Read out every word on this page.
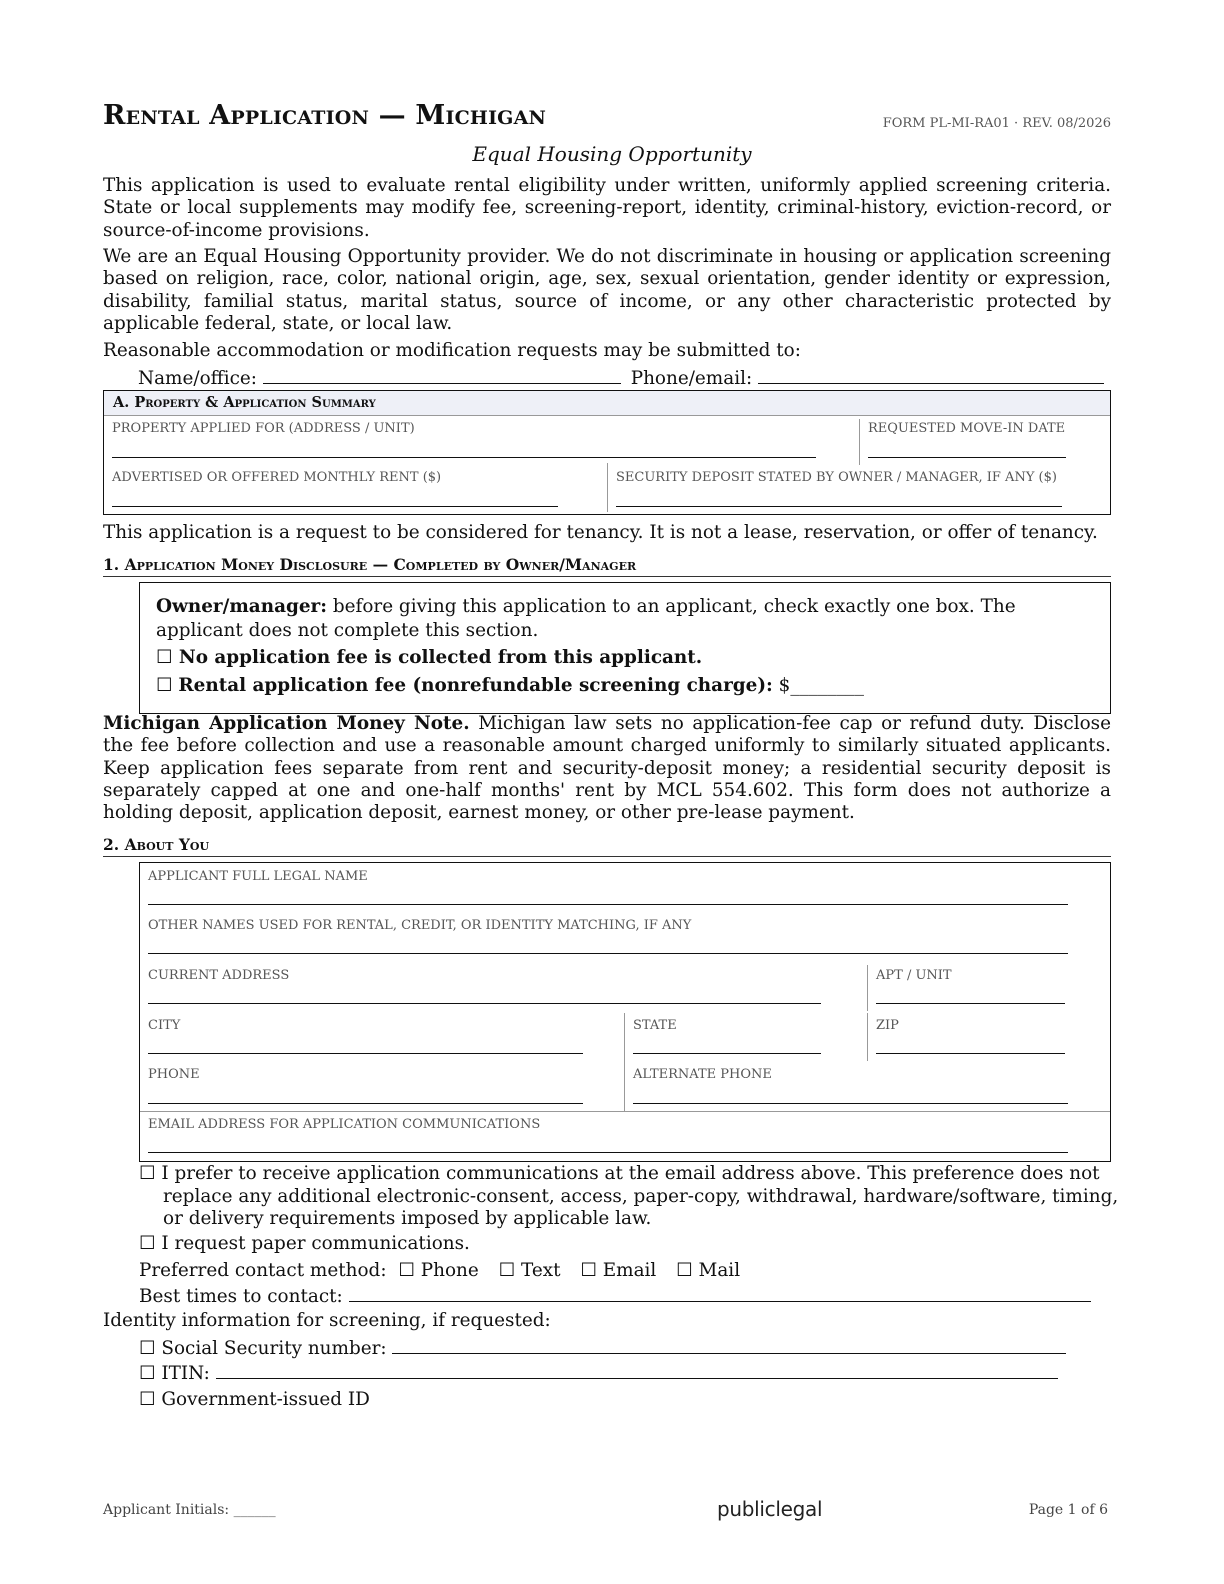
Rental Application — Michigan	FORM PL-MI-RA01 · REV. 08/2026
Equal Housing Opportunity
This application is used to evaluate rental eligibility under written, uniformly applied screening criteria. State or local supplements may modify fee, screening-report, identity, criminal-history, eviction-record, or source-of-income provisions.
We are an Equal Housing Opportunity provider. We do not discriminate in housing or application screening based on religion, race, color, national origin, age, sex, sexual orientation, gender identity or expression, disability, familial status, marital status, source of income, or any other characteristic protected by applicable federal, state, or local law.
Reasonable accommodation or modification requests may be submitted to:
Name/office:	Phone/email:
A. Property & Application Summary
PROPERTY APPLIED FOR (ADDRESS / UNIT)	REQUESTED MOVE-IN DATE
ADVERTISED OR OFFERED MONTHLY RENT ($)	SECURITY DEPOSIT STATED BY OWNER / MANAGER, IF ANY ($)
This application is a request to be considered for tenancy. It is not a lease, reservation, or offer of tenancy.
1. Application Money Disclosure — Completed by Owner/Manager
Owner/manager: before giving this application to an applicant, check exactly one box. The applicant does not complete this section.
☐ No application fee is collected from this applicant.
☐ Rental application fee (nonrefundable screening charge): $________
Michigan Application Money Note. Michigan law sets no application-fee cap or refund duty. Disclose the fee before collection and use a reasonable amount charged uniformly to similarly situated applicants. Keep application fees separate from rent and security-deposit money; a residential security deposit is separately capped at one and one-half months' rent by MCL 554.602. This form does not authorize a holding deposit, application deposit, earnest money, or other pre-lease payment.
2. About You
APPLICANT FULL LEGAL NAME
OTHER NAMES USED FOR RENTAL, CREDIT, OR IDENTITY MATCHING, IF ANY
CURRENT ADDRESS	APT / UNIT
CITY	STATE	ZIP
PHONE	ALTERNATE PHONE
EMAIL ADDRESS FOR APPLICATION COMMUNICATIONS
☐ I prefer to receive application communications at the email address above. This preference does not
replace any additional electronic-consent, access, paper-copy, withdrawal, hardware/software, timing,
or delivery requirements imposed by applicable law.
☐ I request paper communications.
Preferred contact method: ☐ Phone ☐ Text ☐ Email ☐ Mail
Best times to contact:
Identity information for screening, if requested:
☐ Social Security number:
☐ ITIN:
☐ Government-issued ID
Applicant Initials: ______	publiclegal	Page 1 of 6
